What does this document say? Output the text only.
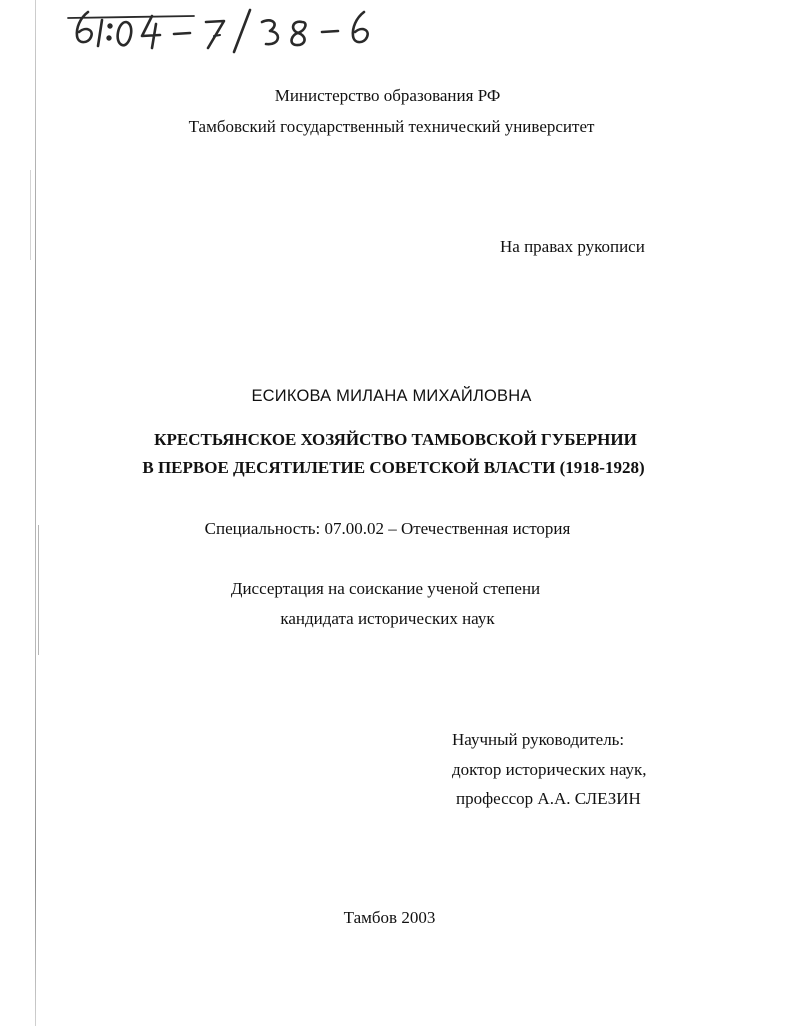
Министерство образования РФ
Тамбовский государственный технический университет
На правах рукописи
ЕСИКОВА МИЛАНА МИХАЙЛОВНА
КРЕСТЬЯНСКОЕ ХОЗЯЙСТВО ТАМБОВСКОЙ ГУБЕРНИИ
В ПЕРВОЕ ДЕСЯТИЛЕТИЕ СОВЕТСКОЙ ВЛАСТИ (1918-1928)
Специальность: 07.00.02 – Отечественная история
Диссертация на соискание ученой степени
кандидата исторических наук
Научный руководитель:
доктор исторических наук,
профессор А.А. СЛЕЗИН
Тамбов 2003
